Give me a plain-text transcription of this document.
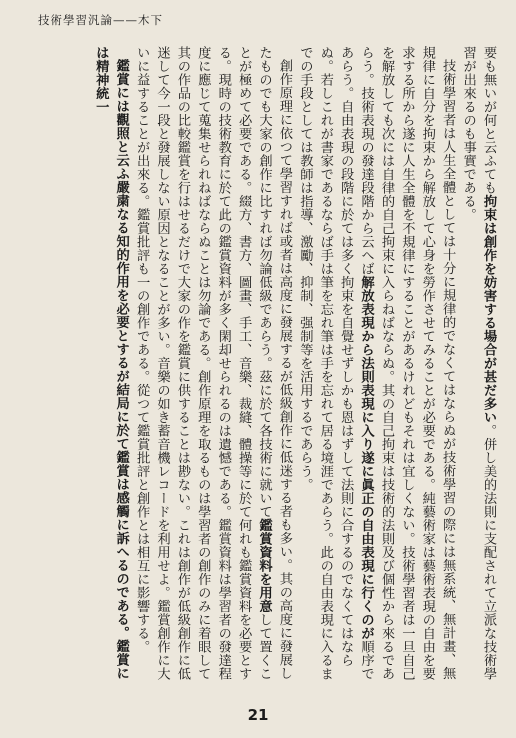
技術學習汎論——木下

要も無いが何と云ふても拘束は創作を妨害する場合が甚だ多い。併し美的法則に支配されて立派な技術學習が出來るのも事實である。

技術學習者は人生全體としては十分に規律的でなくてはならぬが技術學習の際には無系統、無計畫、無規律に自分を拘束から解放して心身を勞作させてみることが必要である。純藝術家は藝術表現の自由を要求する所から遂に人生全體を不規律にすることがあるけれどもそれは宜しくない。技術學習者は一旦自己を解放しても次には自律的自己拘束に入らねばならぬ。其の自己拘束は技術的法則及び個性から來るであらう。技術表現の發達段階から云へば解放表現から法則表現に入り遂に眞正の自由表現に行くのが順序であらう。自由表現の段階に於ては多く拘束を自覺せずしかも恩はずして法則に合するのでなくてはならぬ。若しこれが書家であるならば手は筆を忘れ筆は手を忘れて居る境涯であらう。此の自由表現に入るまでの手段としては教師は指導、激勵、抑制、强制等を活用するであらう。

創作原理に依つて學習すれば或者は高度に發展するが低級創作に低迷する者も多い。其の高度に發展したものでも大家の創作に比すれば勿論低級であらう。茲に於て各技術に就いて鑑賞資料を用意して置くことが極めて必要である。綴方、書方、圖畫、手工、音樂、裁縫、體操等に於て何れも鑑賞資料を必要とする。現時の技術教育に於て此の鑑賞資料が多く閑却せられるのは遺憾である。鑑賞資料は學習者の發達程度に應じて蒐集せられねばならぬことは勿論である。創作原理を取るものは學習者の創作のみに着眼して其の作品の比較鑑賞を行はせるだけで大家の作を鑑賞に供することは尠ない。これは創作が低級創作に低迷して今一段と發展しない原因となることが多い。音樂の如き蓄音機レコードを利用せよ。鑑賞創作に大いに益することが出來る。鑑賞批評も一の創作である。從つて鑑賞批評と創作とは相互に影響する。

鑑賞には觀照と云ふ嚴粛なる知的作用を必要とするが結局に於て鑑賞は感觸に訴へるのである。鑑賞には精神統一

21
